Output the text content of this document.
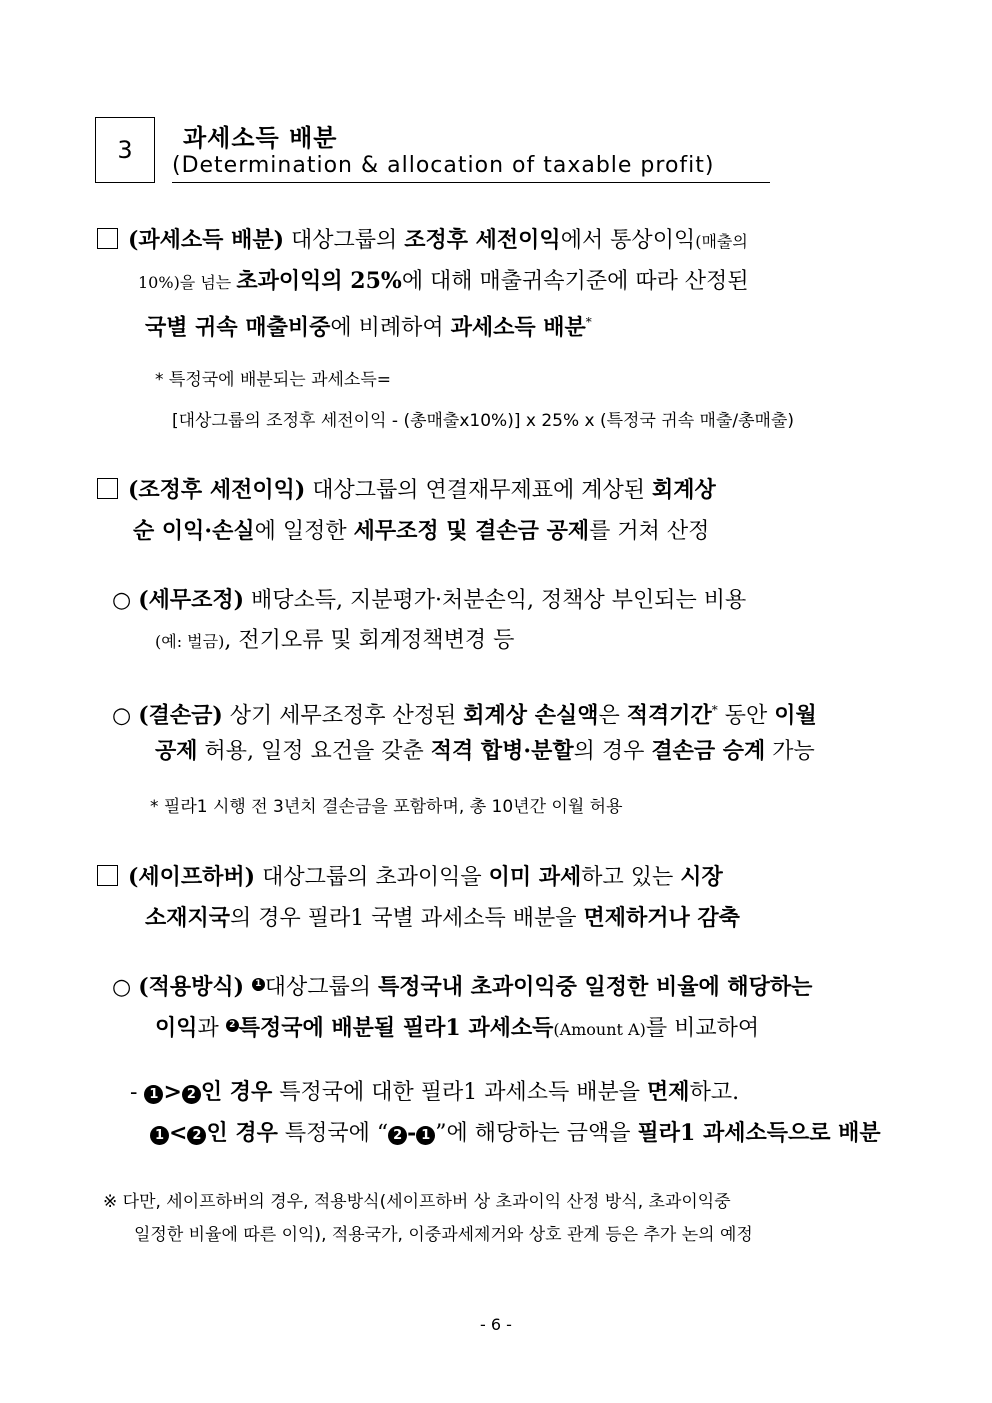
3 과세소득 배분
(Determination & allocation of taxable profit)
(과세소득 배분) 대상그룹의 조정후 세전이익에서 통상이익(매출의
10%)을 넘는 초과이익의 25%에 대해 매출귀속기준에 따라 산정된
국별 귀속 매출비중에 비례하여 과세소득 배분*
* 특정국에 배분되는 과세소득=
[대상그룹의 조정후 세전이익 - (총매출x10%)] x 25% x (특정국 귀속 매출/총매출)
(조정후 세전이익) 대상그룹의 연결재무제표에 계상된 회계상
순 이익·손실에 일정한 세무조정 및 결손금 공제를 거쳐 산정
○ (세무조정) 배당소득, 지분평가·처분손익, 정책상 부인되는 비용
(예: 벌금), 전기오류 및 회계정책변경 등
○ (결손금) 상기 세무조정후 산정된 회계상 손실액은 적격기간* 동안 이월
공제 허용, 일정 요건을 갖춘 적격 합병·분할의 경우 결손금 승계 가능
* 필라1 시행 전 3년치 결손금을 포함하며, 총 10년간 이월 허용
(세이프하버) 대상그룹의 초과이익을 이미 과세하고 있는 시장
소재지국의 경우 필라1 국별 과세소득 배분을 면제하거나 감축
○ (적용방식) 1 대상그룹의 특정국내 초과이익중 일정한 비율에 해당하는
이익과 2 특정국에 배분될 필라1 과세소득(Amount A)를 비교하여
- 1 > 2 인 경우 특정국에 대한 필라1 과세소득 배분을 면제하고.
1 < 2 인 경우 특정국에 “ 2 - 1 ”에 해당하는 금액을 필라1 과세소득으로 배분
※ 다만, 세이프하버의 경우, 적용방식(세이프하버 상 초과이익 산정 방식, 초과이익중
일정한 비율에 따른 이익), 적용국가, 이중과세제거와 상호 관계 등은 추가 논의 예정
- 6 -
